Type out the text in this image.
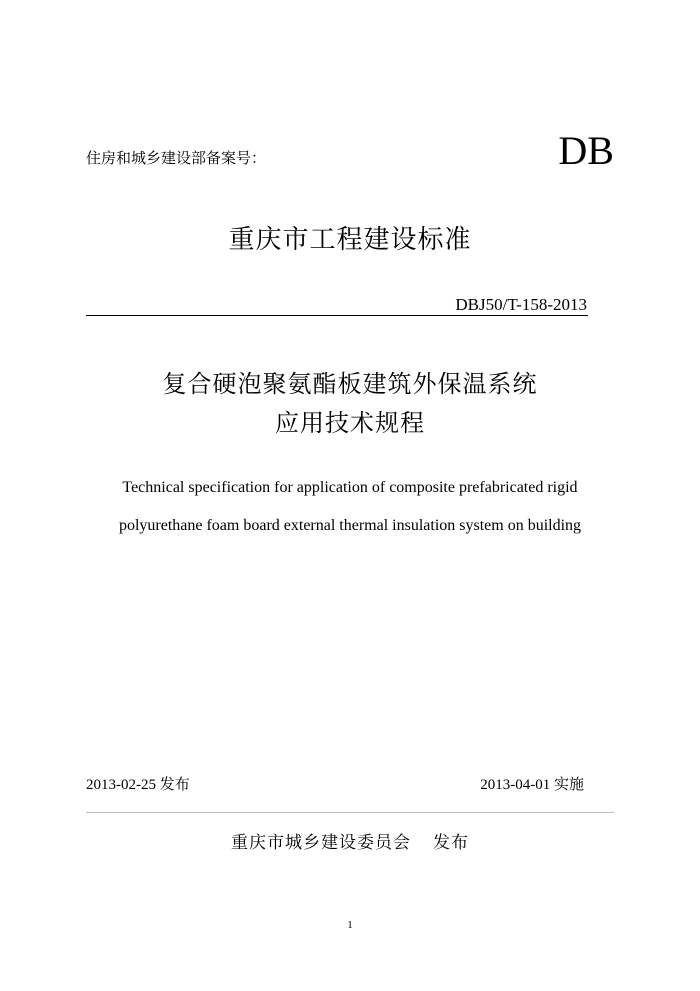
住房和城乡建设部备案号：	DB
重庆市工程建设标准
DBJ50/T-158-2013
复合硬泡聚氨酯板建筑外保温系统
应用技术规程
Technical specification for application of composite prefabricated rigid
polyurethane foam board external thermal insulation system on building
2013-02-25 发布	2013-04-01 实施
重庆市城乡建设委员会 发布
1
